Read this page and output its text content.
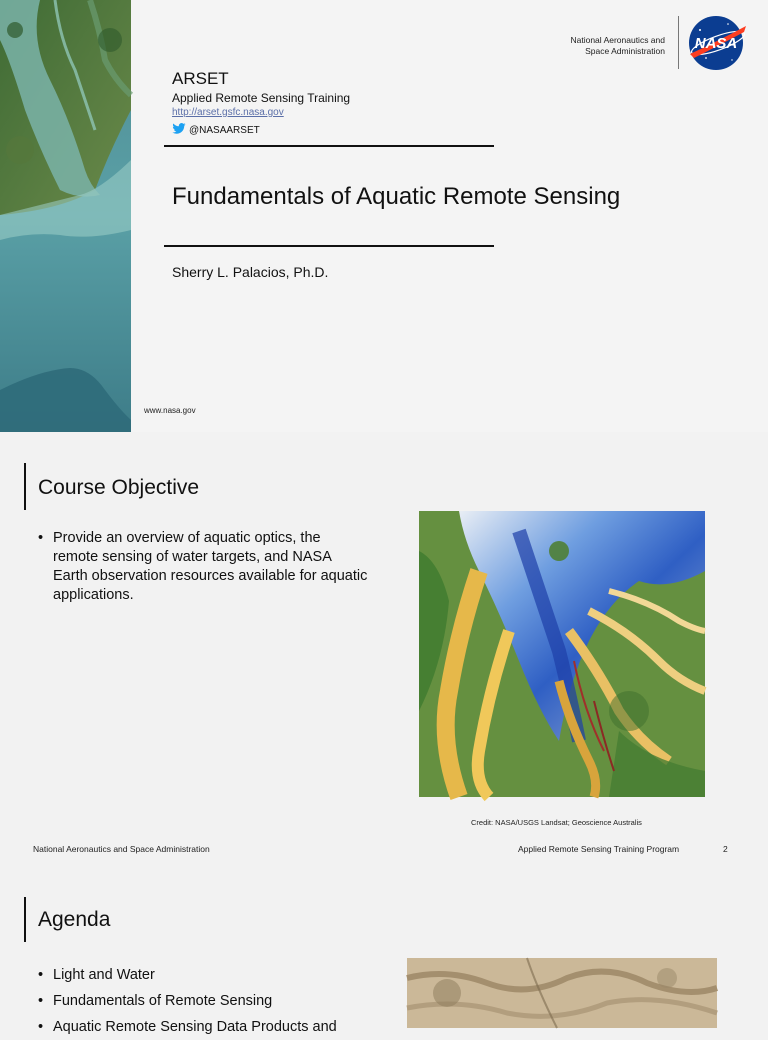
National Aeronautics and
Space Administration NASA
ARSET
Applied Remote Sensing Training
http://arset.gsfc.nasa.gov
@NASAARSET
Fundamentals of Aquatic Remote Sensing
Sherry L. Palacios, Ph.D.
www.nasa.gov
Course Objective
• Provide an overview of aquatic optics, the remote sensing of water targets, and NASA Earth observation resources available for aquatic applications.
Credit: NASA/USGS Landsat; Geoscience Australis
National Aeronautics and Space Administration	Applied Remote Sensing Training Program	2
Agenda
• Light and Water
• Fundamentals of Remote Sensing
• Aquatic Remote Sensing Data Products and
